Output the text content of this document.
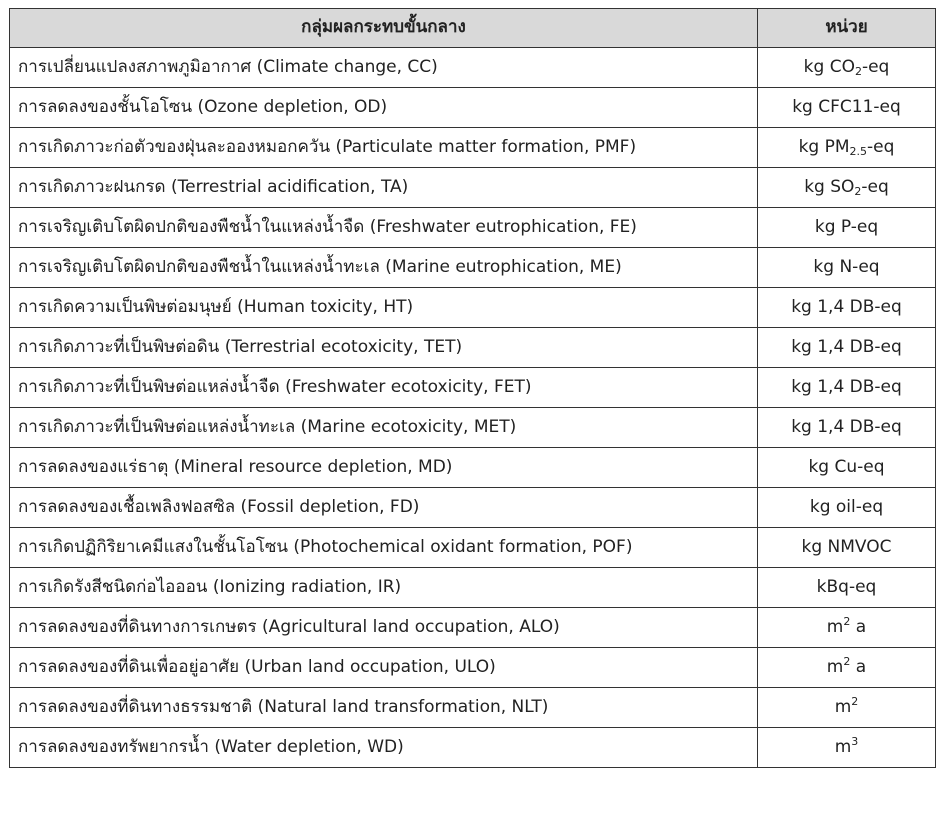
กลุ่มผลกระทบขั้นกลาง	หน่วย
การเปลี่ยนแปลงสภาพภูมิอากาศ (Climate change, CC)	kg $CO_2-eq$
การลดลงของชั้นโอโซน (Ozone depletion, OD)	kg CFC11-eq
การเกิดภาวะก่อตัวของฝุ่นละอองหมอกควัน (Particulate matter formation, PMF)	kg $PM_{2.5}-eq$
การเกิดภาวะฝนกรด (Terrestrial acidification, TA)	kg $SO_2-eq$
การเจริญเติบโตผิดปกติของพืชน้ำในแหล่งน้ำจืด (Freshwater eutrophication, FE)	kg P-eq
การเจริญเติบโตผิดปกติของพืชน้ำในแหล่งน้ำทะเล (Marine eutrophication, ME)	kg N-eq
การเกิดความเป็นพิษต่อมนุษย์ (Human toxicity, HT)	kg 1,4 DB-eq
การเกิดภาวะที่เป็นพิษต่อดิน (Terrestrial ecotoxicity, TET)	kg 1,4 DB-eq
การเกิดภาวะที่เป็นพิษต่อแหล่งน้ำจืด (Freshwater ecotoxicity, FET)	kg 1,4 DB-eq
การเกิดภาวะที่เป็นพิษต่อแหล่งน้ำทะเล (Marine ecotoxicity, MET)	kg 1,4 DB-eq
การลดลงของแร่ธาตุ (Mineral resource depletion, MD)	kg Cu-eq
การลดลงของเชื้อเพลิงฟอสซิล (Fossil depletion, FD)	kg oil-eq
การเกิดปฏิกิริยาเคมีแสงในชั้นโอโซน (Photochemical oxidant formation, POF)	kg NMVOC
การเกิดรังสีชนิดก่อไอออน (Ionizing radiation, IR)	kBq-eq
การลดลงของที่ดินทางการเกษตร (Agricultural land occupation, ALO)	$m^2$ a
การลดลงของที่ดินเพื่ออยู่อาศัย (Urban land occupation, ULO)	$m^2$ a
การลดลงของที่ดินทางธรรมชาติ (Natural land transformation, NLT)	$m^2$
การลดลงของทรัพยากรน้ำ (Water depletion, WD)	$m^3$
